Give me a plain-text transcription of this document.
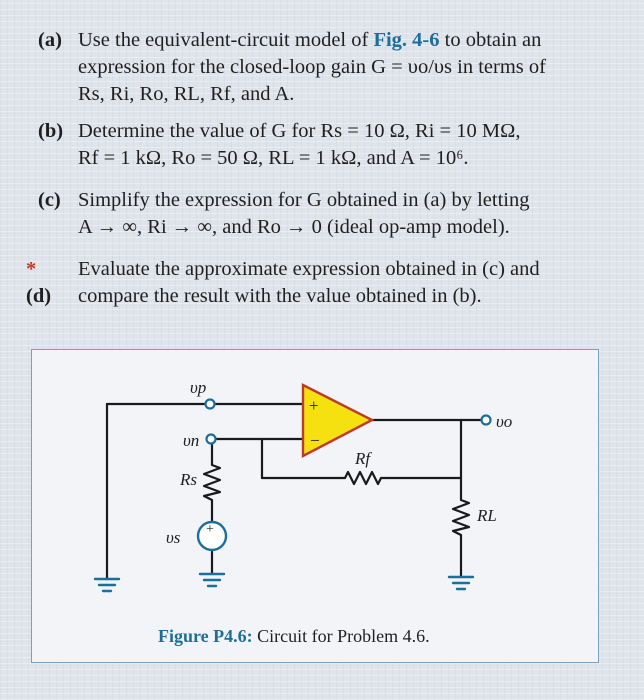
(a) Use the equivalent-circuit model of Fig. 4-6 to obtain an
expression for the closed-loop gain G = υo/υs in terms of
Rs, Ri, Ro, RL, Rf, and A.
(b) Determine the value of G for Rs = 10 Ω, Ri = 10 MΩ,
Rf = 1 kΩ, Ro = 50 Ω, RL = 1 kΩ, and A = 10⁶.
(c) Simplify the expression for G obtained in (a) by letting
A → ∞, Ri → ∞, and Ro → 0 (ideal op-amp model).
*(d)
Evaluate the approximate expression obtained in (c) and
compare the result with the value obtained in (b).
υp
υn
υo
Rs
Rf
RL
υs
+
−
+
Figure P4.6: Circuit for Problem 4.6.
